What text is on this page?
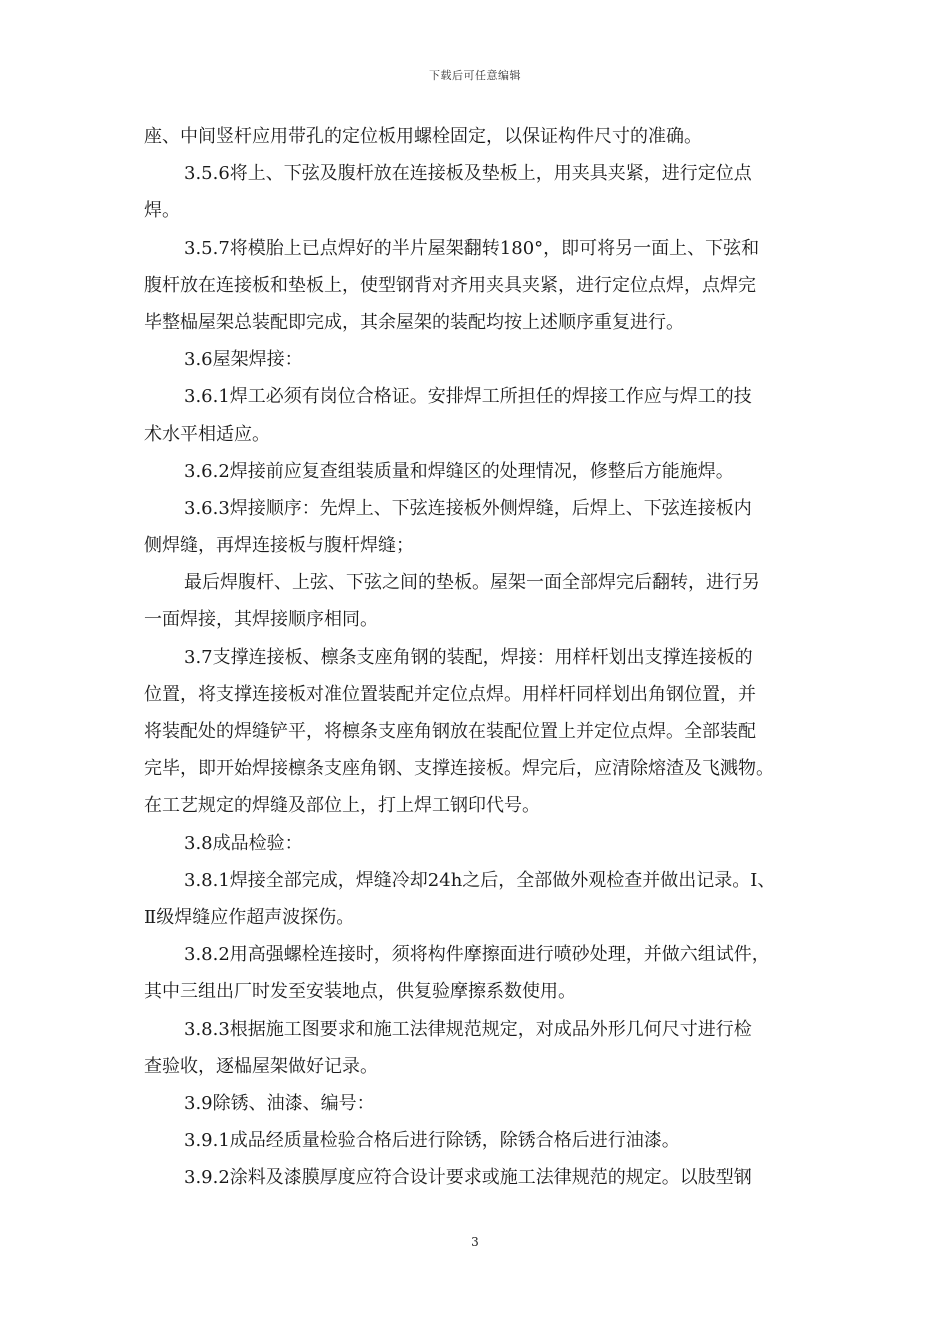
下载后可任意编辑
座、中间竖杆应用带孔的定位板用螺栓固定，以保证构件尺寸的准确。
3.5.6将上、下弦及腹杆放在连接板及垫板上，用夹具夹紧，进行定位点
焊。
3.5.7将模胎上已点焊好的半片屋架翻转180°，即可将另一面上、下弦和
腹杆放在连接板和垫板上，使型钢背对齐用夹具夹紧，进行定位点焊，点焊完
毕整榀屋架总装配即完成，其余屋架的装配均按上述顺序重复进行。
3.6屋架焊接：
3.6.1焊工必须有岗位合格证。安排焊工所担任的焊接工作应与焊工的技
术水平相适应。
3.6.2焊接前应复查组装质量和焊缝区的处理情况，修整后方能施焊。
3.6.3焊接顺序：先焊上、下弦连接板外侧焊缝，后焊上、下弦连接板内
侧焊缝，再焊连接板与腹杆焊缝；
最后焊腹杆、上弦、下弦之间的垫板。屋架一面全部焊完后翻转，进行另
一面焊接，其焊接顺序相同。
3.7支撑连接板、檩条支座角钢的装配，焊接：用样杆划出支撑连接板的
位置，将支撑连接板对准位置装配并定位点焊。用样杆同样划出角钢位置，并
将装配处的焊缝铲平，将檩条支座角钢放在装配位置上并定位点焊。全部装配
完毕，即开始焊接檩条支座角钢、支撑连接板。焊完后，应清除熔渣及飞溅物。
在工艺规定的焊缝及部位上，打上焊工钢印代号。
3.8成品检验：
3.8.1焊接全部完成，焊缝冷却24h之后，全部做外观检查并做出记录。Ⅰ、
Ⅱ级焊缝应作超声波探伤。
3.8.2用高强螺栓连接时，须将构件摩擦面进行喷砂处理，并做六组试件，
其中三组出厂时发至安装地点，供复验摩擦系数使用。
3.8.3根据施工图要求和施工法律规范规定，对成品外形几何尺寸进行检
查验收，逐榀屋架做好记录。
3.9除锈、油漆、编号：
3.9.1成品经质量检验合格后进行除锈，除锈合格后进行油漆。
3.9.2涂料及漆膜厚度应符合设计要求或施工法律规范的规定。以肢型钢
3
